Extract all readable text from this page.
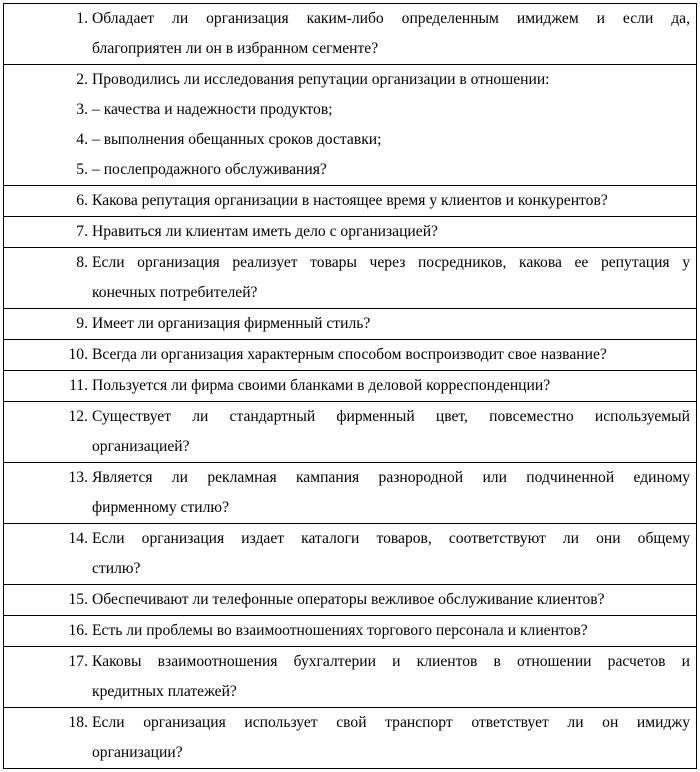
1. Обладает ли организация каким-либо определенным имиджем и если да,
благоприятен ли он в избранном сегменте?

2. Проводились ли исследования репутации организации в отношении:
3. – качества и надежности продуктов;
4. – выполнения обещанных сроков доставки;
5. – послепродажного обслуживания?

6. Какова репутация организации в настоящее время у клиентов и конкурентов?

7. Нравиться ли клиентам иметь дело с организацией?

8. Если организация реализует товары через посредников, какова ее репутация у
конечных потребителей?

9. Имеет ли организация фирменный стиль?

10. Всегда ли организация характерным способом воспроизводит свое название?

11. Пользуется ли фирма своими бланками в деловой корреспонденции?

12. Существует ли стандартный фирменный цвет, повсеместно используемый
организацией?

13. Является ли рекламная кампания разнородной или подчиненной единому
фирменному стилю?

14. Если организация издает каталоги товаров, соответствуют ли они общему
стилю?

15. Обеспечивают ли телефонные операторы вежливое обслуживание клиентов?

16. Есть ли проблемы во взаимоотношениях торгового персонала и клиентов?

17. Каковы взаимоотношения бухгалтерии и клиентов в отношении расчетов и
кредитных платежей?

18. Если организация использует свой транспорт ответствует ли он имиджу
организации?
